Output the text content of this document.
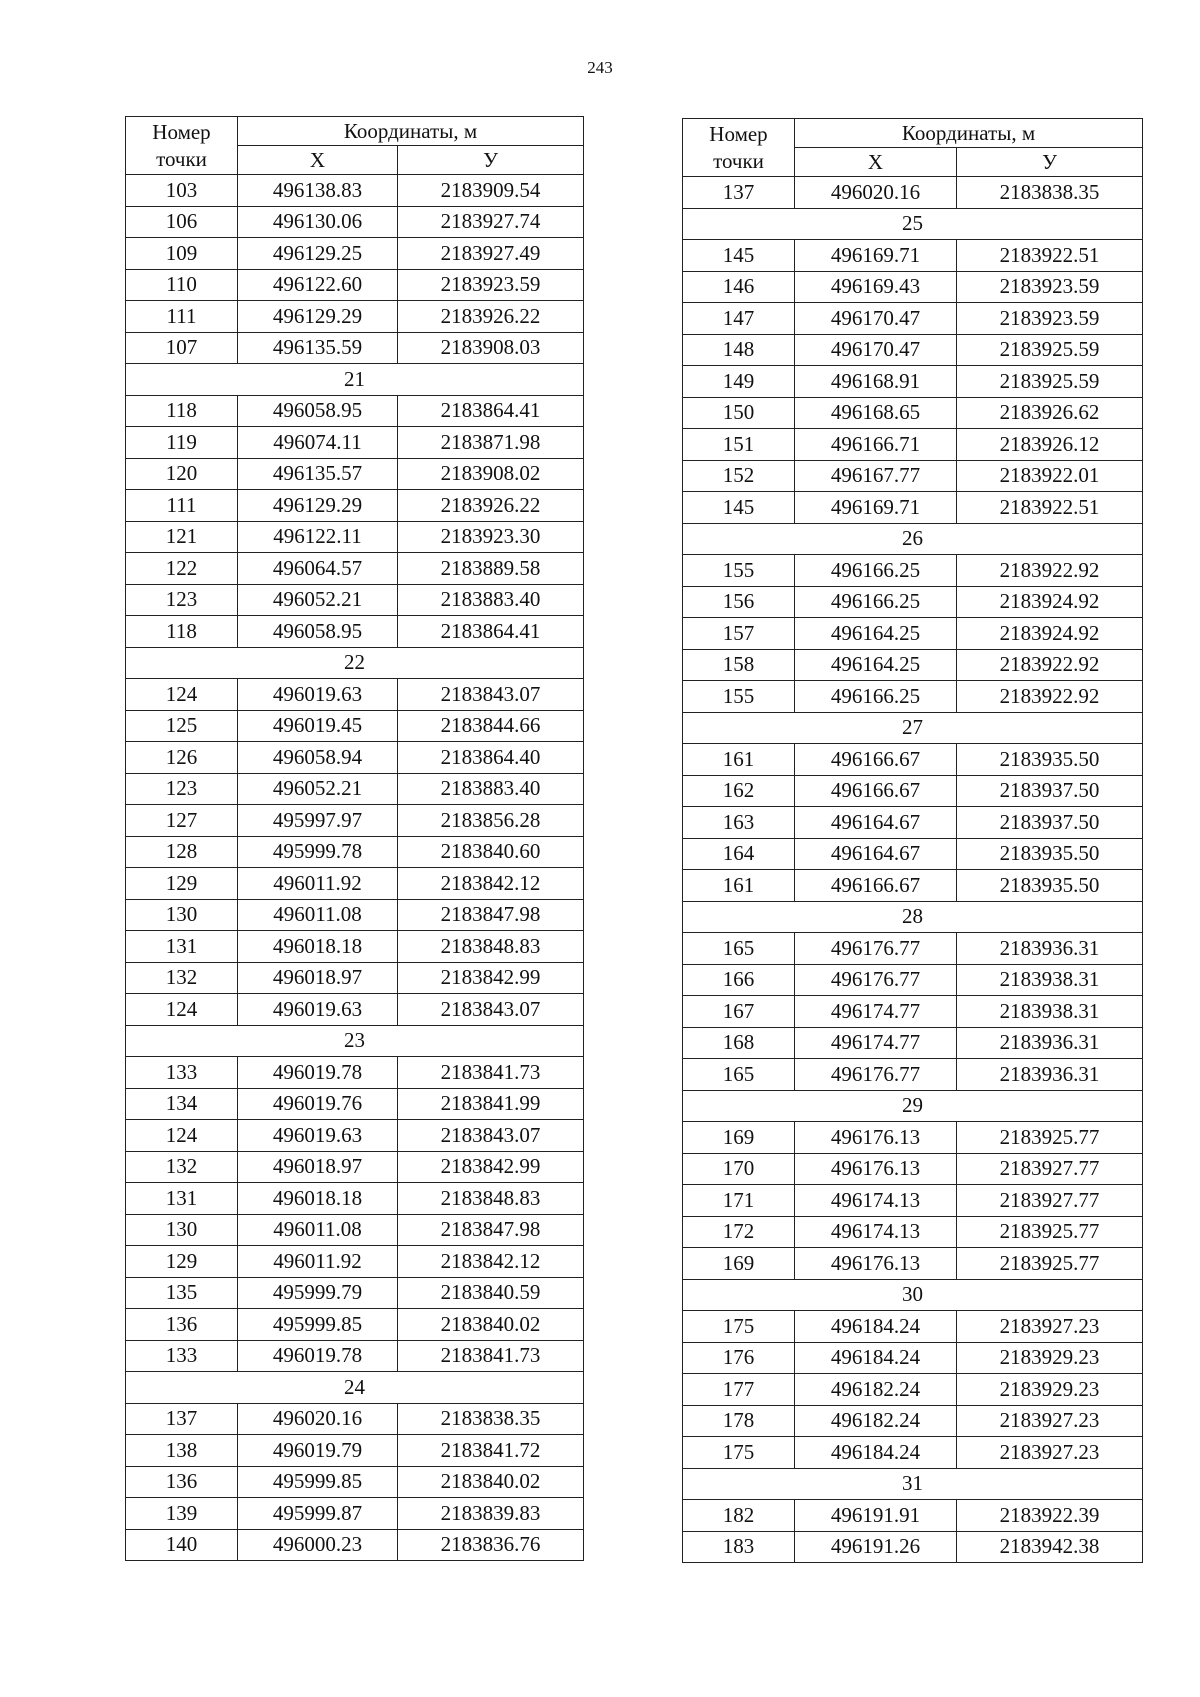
243
Номер
точки	Координаты, м	
	X	У
103	496138.83	2183909.54
106	496130.06	2183927.74
109	496129.25	2183927.49
110	496122.60	2183923.59
111	496129.29	2183926.22
107	496135.59	2183908.03
21		
118	496058.95	2183864.41
119	496074.11	2183871.98
120	496135.57	2183908.02
111	496129.29	2183926.22
121	496122.11	2183923.30
122	496064.57	2183889.58
123	496052.21	2183883.40
118	496058.95	2183864.41
22		
124	496019.63	2183843.07
125	496019.45	2183844.66
126	496058.94	2183864.40
123	496052.21	2183883.40
127	495997.97	2183856.28
128	495999.78	2183840.60
129	496011.92	2183842.12
130	496011.08	2183847.98
131	496018.18	2183848.83
132	496018.97	2183842.99
124	496019.63	2183843.07
23		
133	496019.78	2183841.73
134	496019.76	2183841.99
124	496019.63	2183843.07
132	496018.97	2183842.99
131	496018.18	2183848.83
130	496011.08	2183847.98
129	496011.92	2183842.12
135	495999.79	2183840.59
136	495999.85	2183840.02
133	496019.78	2183841.73
24		
137	496020.16	2183838.35
138	496019.79	2183841.72
136	495999.85	2183840.02
139	495999.87	2183839.83
140	496000.23	2183836.76
Номер
точки	Координаты, м	
	X	У
137	496020.16	2183838.35
25		
145	496169.71	2183922.51
146	496169.43	2183923.59
147	496170.47	2183923.59
148	496170.47	2183925.59
149	496168.91	2183925.59
150	496168.65	2183926.62
151	496166.71	2183926.12
152	496167.77	2183922.01
145	496169.71	2183922.51
26		
155	496166.25	2183922.92
156	496166.25	2183924.92
157	496164.25	2183924.92
158	496164.25	2183922.92
155	496166.25	2183922.92
27		
161	496166.67	2183935.50
162	496166.67	2183937.50
163	496164.67	2183937.50
164	496164.67	2183935.50
161	496166.67	2183935.50
28		
165	496176.77	2183936.31
166	496176.77	2183938.31
167	496174.77	2183938.31
168	496174.77	2183936.31
165	496176.77	2183936.31
29		
169	496176.13	2183925.77
170	496176.13	2183927.77
171	496174.13	2183927.77
172	496174.13	2183925.77
169	496176.13	2183925.77
30		
175	496184.24	2183927.23
176	496184.24	2183929.23
177	496182.24	2183929.23
178	496182.24	2183927.23
175	496184.24	2183927.23
31		
182	496191.91	2183922.39
183	496191.26	2183942.38
